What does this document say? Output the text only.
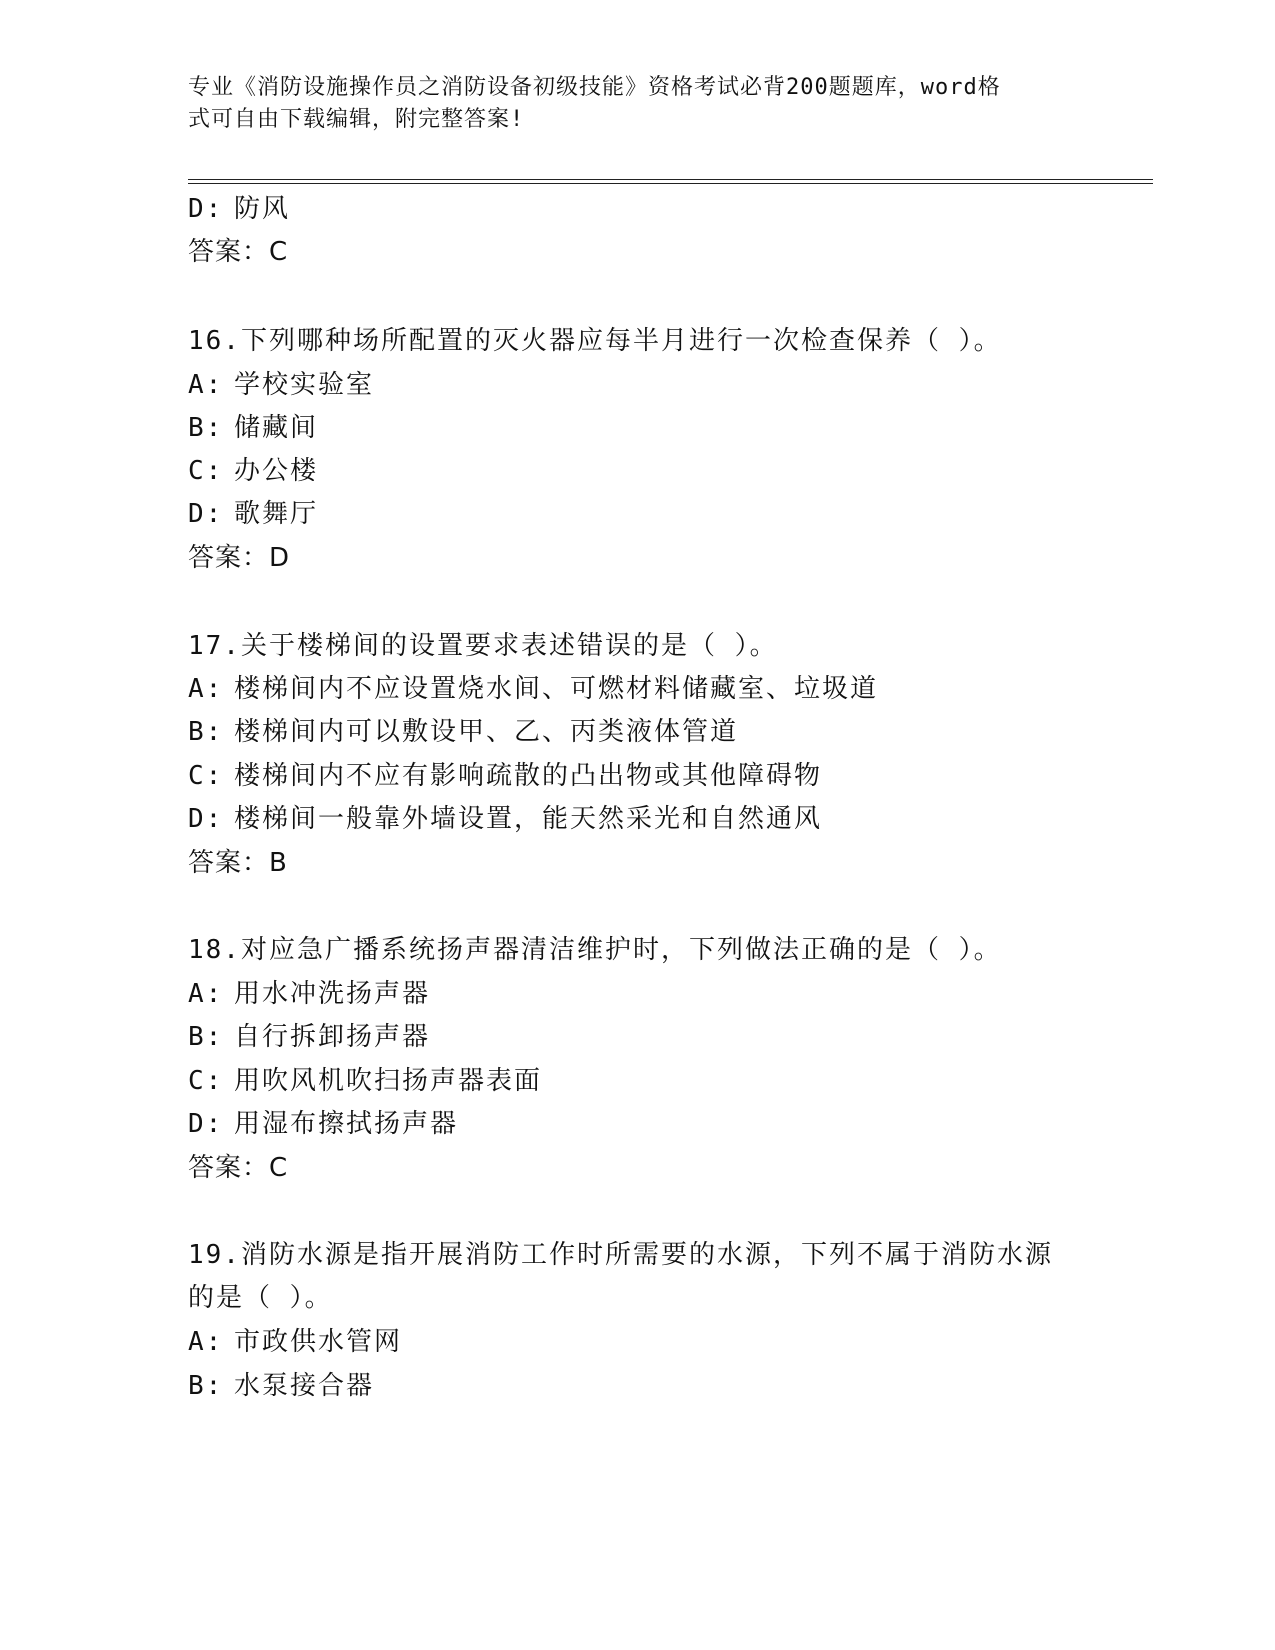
专业《消防设施操作员之消防设备初级技能》资格考试必背200题题库，word格
式可自由下载编辑，附完整答案!
D: 防风
答案：C
16.下列哪种场所配置的灭火器应每半月进行一次检查保养（ ）。
A: 学校实验室
B: 储藏间
C: 办公楼
D: 歌舞厅
答案：D
17.关于楼梯间的设置要求表述错误的是（ ）。
A: 楼梯间内不应设置烧水间、可燃材料储藏室、垃圾道
B: 楼梯间内可以敷设甲、乙、丙类液体管道
C: 楼梯间内不应有影响疏散的凸出物或其他障碍物
D: 楼梯间一般靠外墙设置，能天然采光和自然通风
答案：B
18.对应急广播系统扬声器清洁维护时，下列做法正确的是（ ）。
A: 用水冲洗扬声器
B: 自行拆卸扬声器
C: 用吹风机吹扫扬声器表面
D: 用湿布擦拭扬声器
答案：C
19.消防水源是指开展消防工作时所需要的水源，下列不属于消防水源
的是（ ）。
A: 市政供水管网
B: 水泵接合器
